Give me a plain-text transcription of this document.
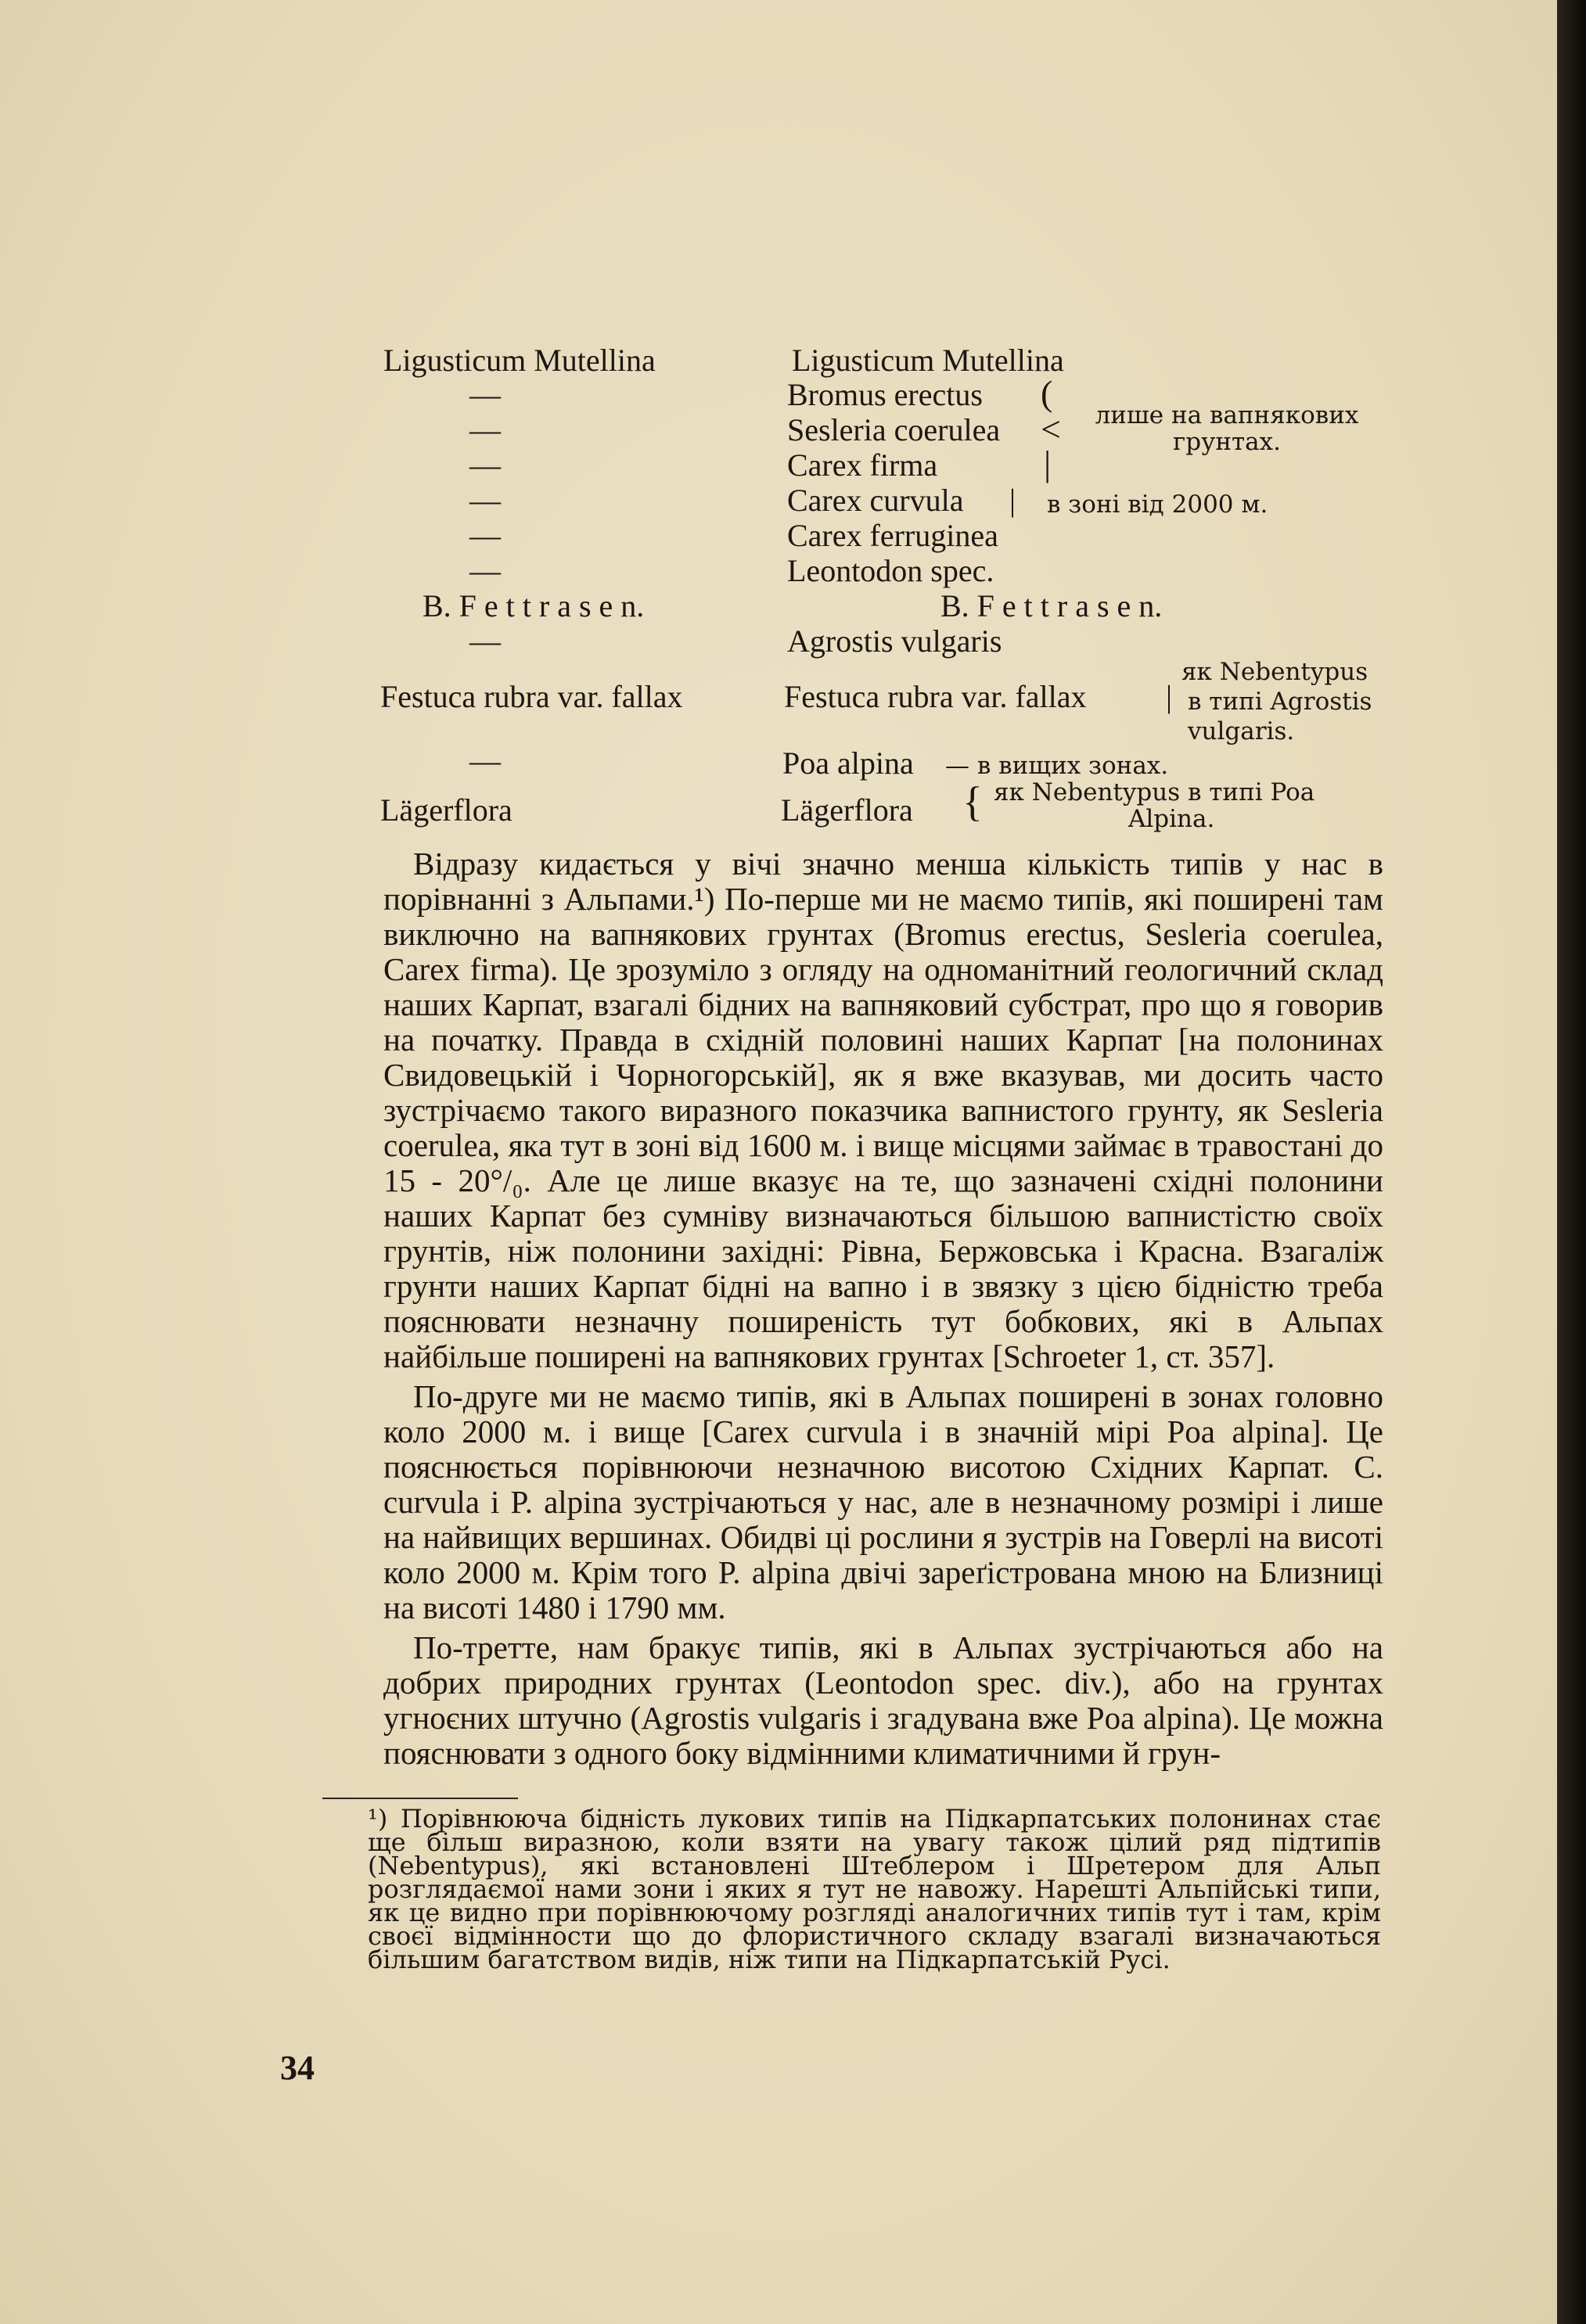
Ligusticum Mutellina
—
—
—
—
—
—
B. F e t t r a s e n.
—
Festuca rubra var. fallax
—
Lägerflora
Ligusticum Mutellina
Bromus erectus
Sesleria coerulea
Carex firma
(
<
|
лише на вапнякових грунтах.
Carex curvula | в зоні від 2000 м.
Carex ferruginea
Leontodon spec.
B. F e t t r a s e n.
Agrostis vulgaris
Festuca rubra var. fallax	|
як Nebentypus
в типі Agrostis
vulgaris.
Poa alpina — в вищих зонах.
Lägerflora { як Nebentypus в типі Poa
Alpina.

Відразу кидається у вічі значно менша кількість типів у нас в порівнанні з Альпами.¹) По-перше ми не маємо типів, які поширені там виключно на вапнякових грунтах (Bromus erectus, Sesleria coerulea, Carex firma). Це зрозуміло з огляду на одноманітний геологичний склад наших Карпат, взагалі бідних на вапняковий субстрат, про що я говорив на початку. Правда в східній половині наших Карпат [на полонинах Свидовецькій і Чорногорській], як я вже вказував, ми досить часто зустрічаємо такого виразного показчика вапнистого грунту, як Sesleria coerulea, яка тут в зоні від 1600 м. і вище місцями займає в травостані до 15 - 20°/₀. Але це лише вказує на те, що зазначені східні полонини наших Карпат без сумніву визначаються більшою вапнистістю своїх грунтів, ніж полонини західні: Рівна, Бержовська і Красна. Взагаліж грунти наших Карпат бідні на вапно і в звязку з цією бідністю треба пояснювати незначну поширеність тут бобкових, які в Альпах найбільше поширені на вапнякових грунтах [Schroeter 1, ст. 357].

По-друге ми не маємо типів, які в Альпах поширені в зонах головно коло 2000 м. і вище [Carex curvula і в значній мірі Poa alpina]. Це пояснюється порівнюючи незначною висотою Східних Карпат. C. curvula і P. alpina зустрічаються у нас, але в незначному розмірі і лише на найвищих вершинах. Обидві ці рослини я зустрів на Говерлі на висоті коло 2000 м. Крім того P. alpina двічі зареґістрована мною на Близниці на висоті 1480 і 1790 мм.

По-третте, нам бракує типів, які в Альпах зустрічаються або на добрих природних грунтах (Leontodon spec. div.), або на грунтах угноєних штучно (Agrostis vulgaris і згадувана вже Poa alpina). Це можна пояснювати з одного боку відмінними климатичними й грун-

¹) Порівнююча бідність лукових типів на Підкарпатських полонинах стає ще більш виразною, коли взяти на увагу також цілий ряд підтипів (Nebentypus), які встановлені Штеблером і Шретером для Альп розглядаємої нами зони і яких я тут не навожу. Нарешті Альпійські типи, як це видно при порівнюючому розгляді аналогичних типів тут і там, крім своєї відмінности що до флористичного складу взагалі визначаються більшим багатством видів, ніж типи на Підкарпатській Русі.

34
